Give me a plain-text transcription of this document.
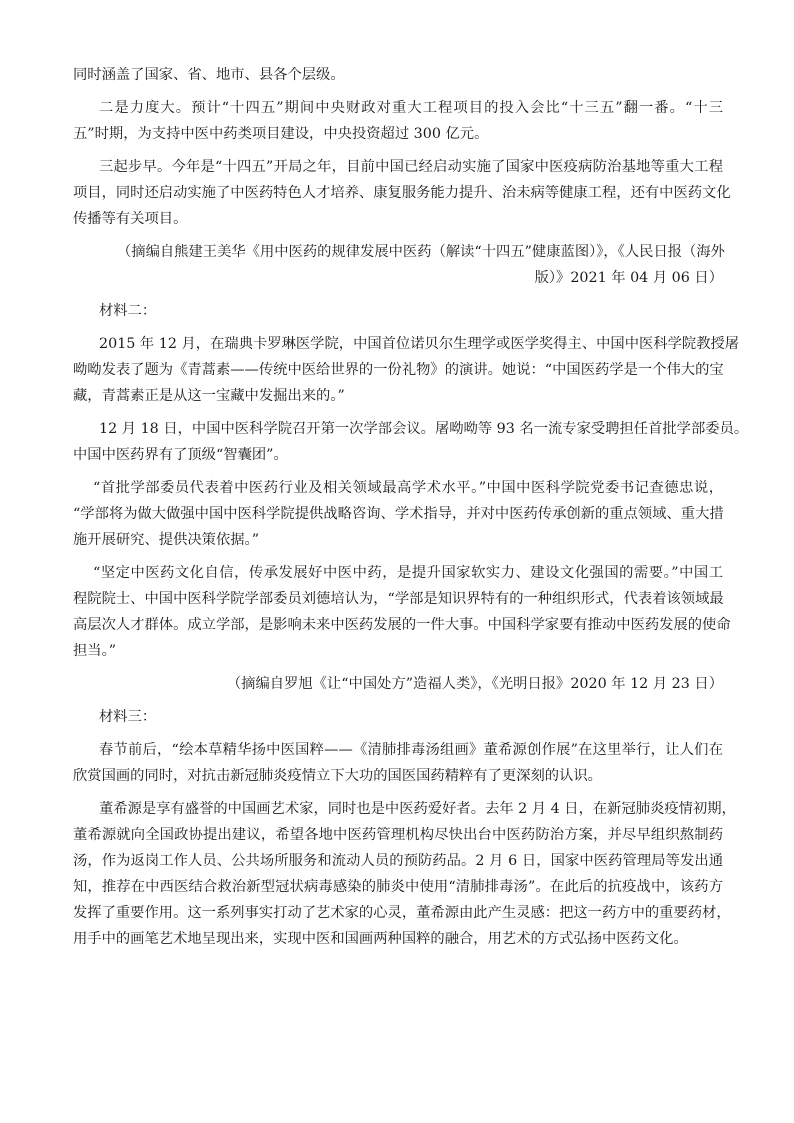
同时涵盖了国家、省、地市、县各个层级。

二是力度大。预计“十四五”期间中央财政对重大工程项目的投入会比“十三五”翻一番。“十三

五”时期，为支持中医中药类项目建设，中央投资超过 300 亿元。

三起步早。今年是“十四五”开局之年，目前中国已经启动实施了国家中医疫病防治基地等重大工程

项目，同时还启动实施了中医药特色人才培养、康复服务能力提升、治未病等健康工程，还有中医药文化

传播等有关项目。

（摘编自熊建王美华《用中医药的规律发展中医药（解读“十四五”健康蓝图）》，《人民日报（海外

版）》2021 年 04 月 06 日）

材料二：

2015 年 12 月，在瑞典卡罗琳医学院，中国首位诺贝尔生理学或医学奖得主、中国中医科学院教授屠

呦呦发表了题为《青蒿素——传统中医给世界的一份礼物》的演讲。她说：“中国医药学是一个伟大的宝

藏，青蒿素正是从这一宝藏中发掘出来的。”

12 月 18 日，中国中医科学院召开第一次学部会议。屠呦呦等 93 名一流专家受聘担任首批学部委员。

中国中医药界有了顶级“智囊团”。

“首批学部委员代表着中医药行业及相关领域最高学术水平。”中国中医科学院党委书记查德忠说，

“学部将为做大做强中国中医科学院提供战略咨询、学术指导，并对中医药传承创新的重点领域、重大措

施开展研究、提供决策依据。”

“坚定中医药文化自信，传承发展好中医中药，是提升国家软实力、建设文化强国的需要。”中国工

程院院士、中国中医科学院学部委员刘德培认为，“学部是知识界特有的一种组织形式，代表着该领域最

高层次人才群体。成立学部，是影响未来中医药发展的一件大事。中国科学家要有推动中医药发展的使命

担当。”

（摘编自罗旭《让“中国处方”造福人类》，《光明日报》2020 年 12 月 23 日）

材料三：

春节前后，“绘本草精华扬中医国粹——《清肺排毒汤组画》董希源创作展”在这里举行，让人们在

欣赏国画的同时，对抗击新冠肺炎疫情立下大功的国医国药精粹有了更深刻的认识。

董希源是享有盛誉的中国画艺术家，同时也是中医药爱好者。去年 2 月 4 日，在新冠肺炎疫情初期，

董希源就向全国政协提出建议，希望各地中医药管理机构尽快出台中医药防治方案，并尽早组织熬制药

汤，作为返岗工作人员、公共场所服务和流动人员的预防药品。2 月 6 日，国家中医药管理局等发出通

知，推荐在中西医结合救治新型冠状病毒感染的肺炎中使用“清肺排毒汤”。在此后的抗疫战中，该药方

发挥了重要作用。这一系列事实打动了艺术家的心灵，董希源由此产生灵感：把这一药方中的重要药材，

用手中的画笔艺术地呈现出来，实现中医和国画两种国粹的融合，用艺术的方式弘扬中医药文化。
